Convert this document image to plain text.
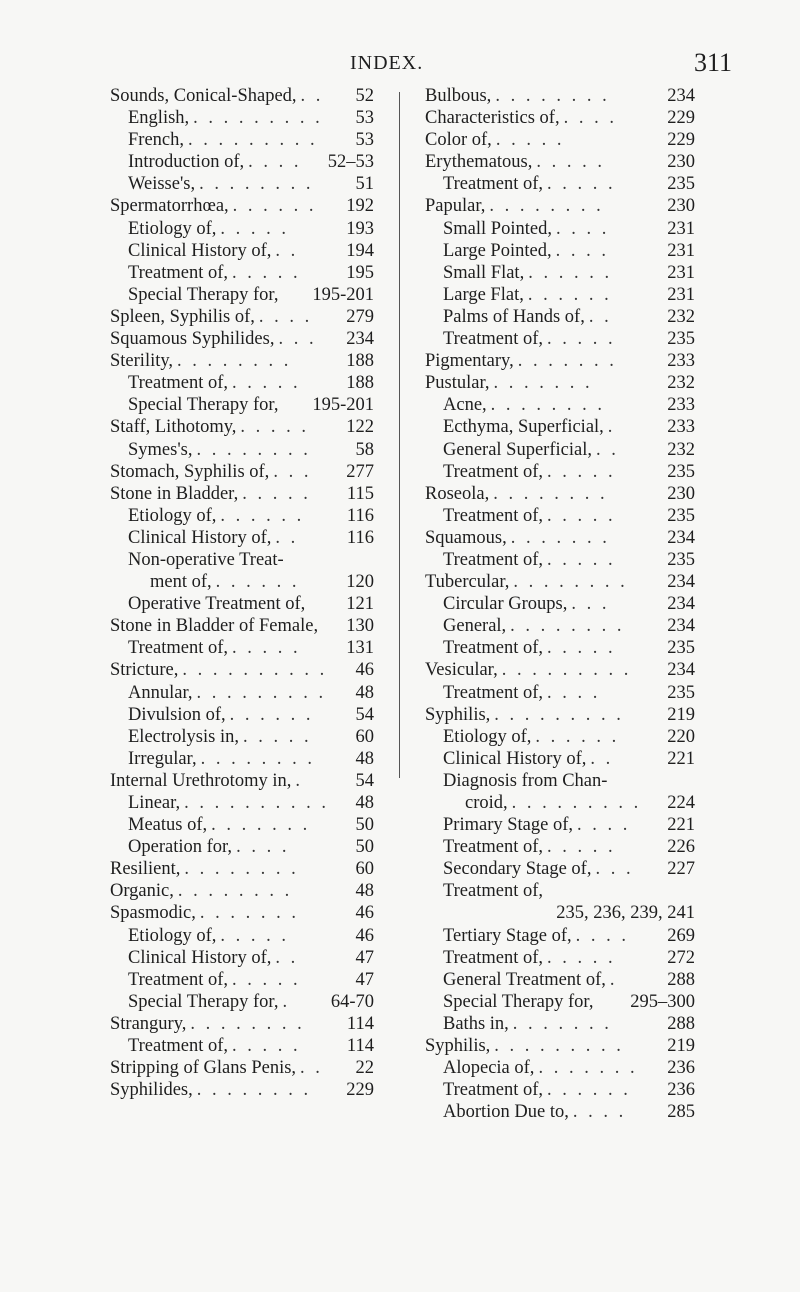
INDEX.	311
Sounds, Conical-Shaped, . .	52
English, . . . . . . . . .	53
French, . . . . . . . . .	53
Introduction of, . . . .	52–53
Weisse's, . . . . . . . .	51
Spermatorrhœa, . . . . . .	192
Etiology of, . . . . .	193
Clinical History of, . .	194
Treatment of, . . . . .	195
Special Therapy for, 195-201
Spleen, Syphilis of, . . . .	279
Squamous Syphilides, . . .	234
Sterility, . . . . . . . .	188
Treatment of, . . . . .	188
Special Therapy for, 195-201
Staff, Lithotomy, . . . . .	122
Symes's, . . . . . . . .	58
Stomach, Syphilis of, . . .	277
Stone in Bladder, . . . . .	115
Etiology of, . . . . . .	116
Clinical History of, . .	116
Non-operative Treat-
ment of, . . . . . .	120
Operative Treatment of, 121
Stone in Bladder of Female, 130
Treatment of, . . . . .	131
Stricture, . . . . . . . . . .	46
Annular, . . . . . . . . .	48
Divulsion of, . . . . . .	54
Electrolysis in, . . . . .	60
Irregular, . . . . . . . .	48
Internal Urethrotomy in, .	54
Linear, . . . . . . . . . .	48
Meatus of, . . . . . . .	50
Operation for, . . . .	50
Resilient, . . . . . . . .	60
Organic, . . . . . . . .	48
Spasmodic, . . . . . . .	46
Etiology of, . . . . .	46
Clinical History of, . .	47
Treatment of, . . . . .	47
Special Therapy for, .	64-70
Strangury, . . . . . . . .	114
Treatment of, . . . . .	114
Stripping of Glans Penis, . .	22
Syphilides, . . . . . . . .	229
Bulbous, . . . . . . . .	234
Characteristics of, . . . .	229
Color of, . . . . .	229
Erythematous, . . . . .	230
Treatment of, . . . . .	235
Papular, . . . . . . . .	230
Small Pointed, . . . .	231
Large Pointed, . . . .	231
Small Flat, . . . . . .	231
Large Flat, . . . . . .	231
Palms of Hands of, . .	232
Treatment of, . . . . .	235
Pigmentary, . . . . . . .	233
Pustular, . . . . . . .	232
Acne, . . . . . . . .	233
Ecthyma, Superficial, .	233
General Superficial, . .	232
Treatment of, . . . . .	235
Roseola, . . . . . . . .	230
Treatment of, . . . . .	235
Squamous, . . . . . . .	234
Treatment of, . . . . .	235
Tubercular, . . . . . . . .	234
Circular Groups, . . .	234
General, . . . . . . . .	234
Treatment of, . . . . .	235
Vesicular, . . . . . . . . .	234
Treatment of, . . . .	235
Syphilis, . . . . . . . . .	219
Etiology of, . . . . . .	220
Clinical History of, . .	221
Diagnosis from Chan-
croid, . . . . . . . . .	224
Primary Stage of, . . . .	221
Treatment of, . . . . .	226
Secondary Stage of, . . .	227
Treatment of,
235, 236, 239, 241
Tertiary Stage of, . . . .	269
Treatment of, . . . . .	272
General Treatment of, .	288
Special Therapy for, 295–300
Baths in, . . . . . . .	288
Syphilis, . . . . . . . . .	219
Alopecia of, . . . . . . .	236
Treatment of, . . . . . .	236
Abortion Due to, . . . .	285
